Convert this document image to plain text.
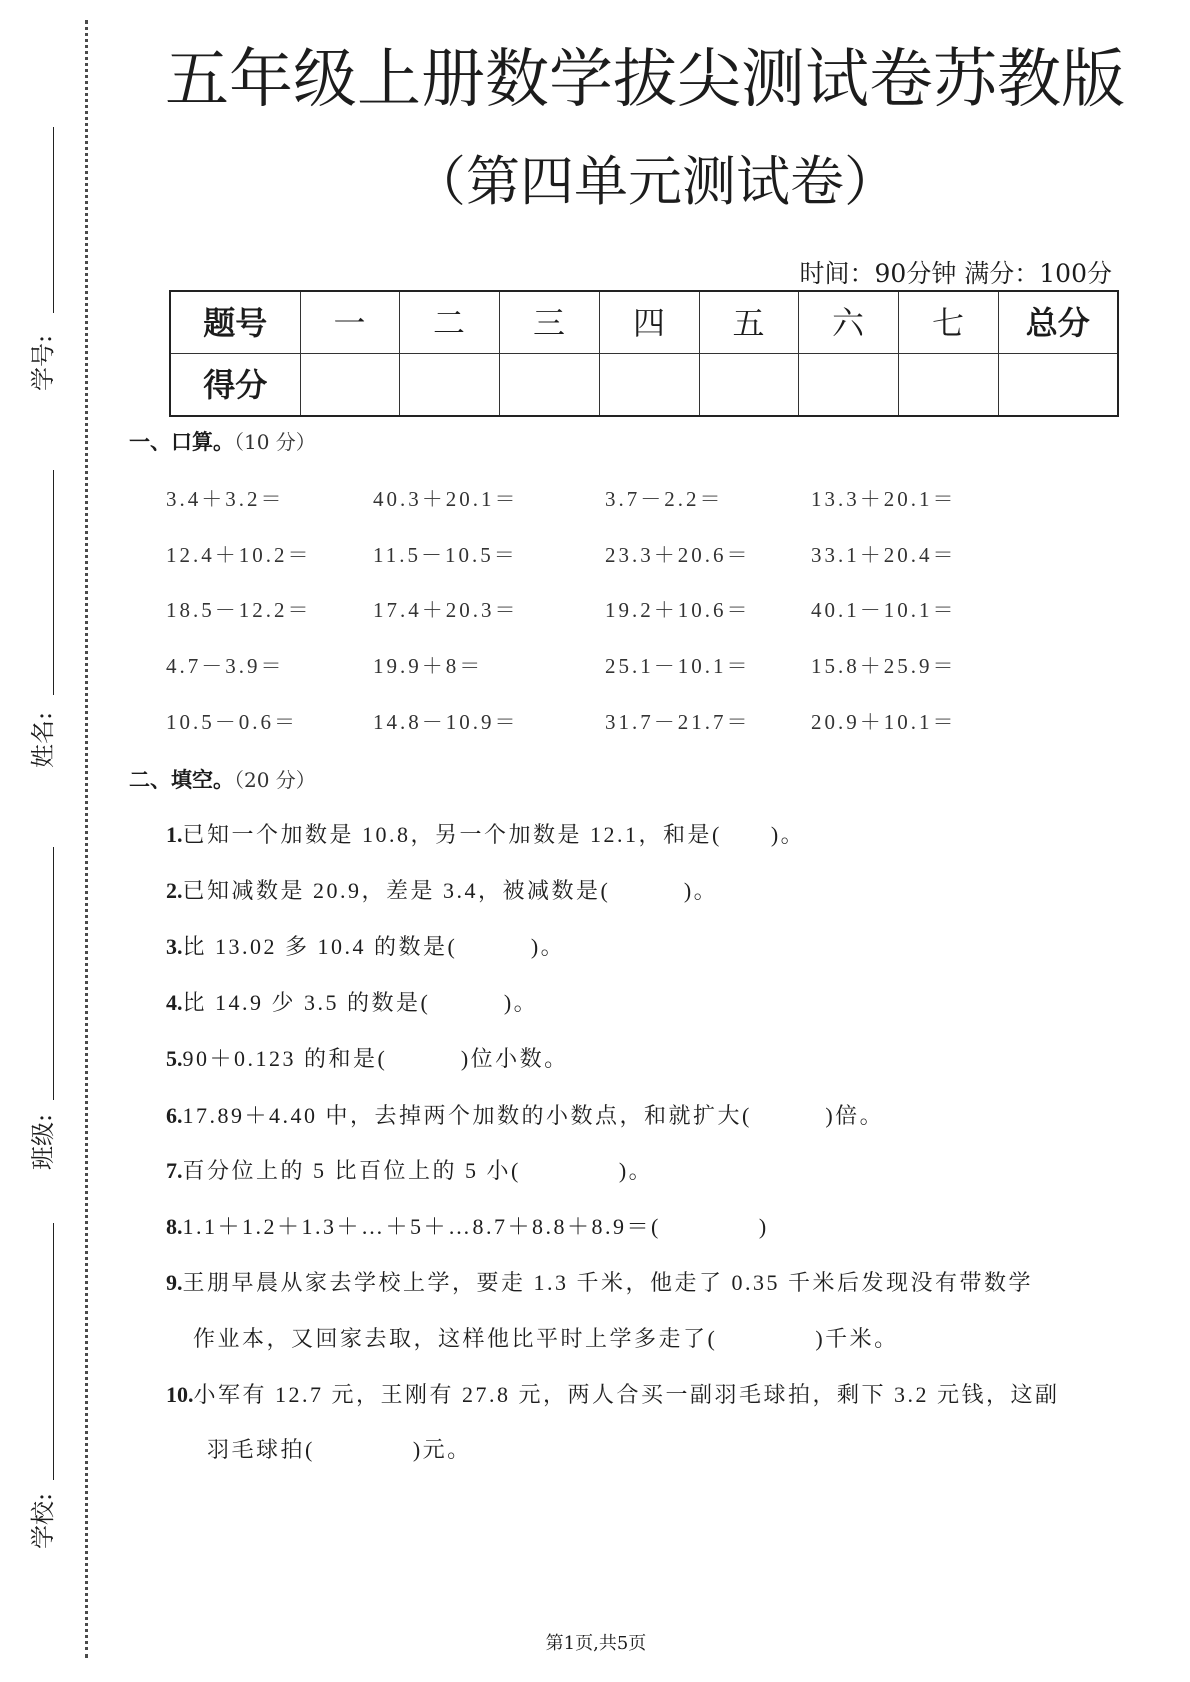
学号:
姓名:
班级:
学校:
五年级上册数学拔尖测试卷苏教版
（第四单元测试卷）
时间：90分钟 满分：100分
题号	一	二	三	四	五	六	七	总分
得分								
一、口算。（10 分）
3.4＋3.2＝	40.3＋20.1＝	3.7－2.2＝	13.3＋20.1＝
12.4＋10.2＝	11.5－10.5＝	23.3＋20.6＝	33.1＋20.4＝
18.5－12.2＝	17.4＋20.3＝	19.2＋10.6＝	40.1－10.1＝
4.7－3.9＝	19.9＋8＝	25.1－10.1＝	15.8＋25.9＝
10.5－0.6＝	14.8－10.9＝	31.7－21.7＝	20.9＋10.1＝
二、填空。（20 分）
1.已知一个加数是 10.8，另一个加数是 12.1，和是(　　)。
2.已知减数是 20.9，差是 3.4，被减数是(　　　)。
3.比 13.02 多 10.4 的数是(　　　)。
4.比 14.9 少 3.5 的数是(　　　)。
5.90＋0.123 的和是(　　　)位小数。
6.17.89＋4.40 中，去掉两个加数的小数点，和就扩大(　　　)倍。
7.百分位上的 5 比百位上的 5 小(　　　　)。
8.1.1＋1.2＋1.3＋…＋5＋…8.7＋8.8＋8.9＝(　　　　)
9.王朋早晨从家去学校上学，要走 1.3 千米，他走了 0.35 千米后发现没有带数学
作业本，又回家去取，这样他比平时上学多走了(　　　　)千米。
10.小军有 12.7 元，王刚有 27.8 元，两人合买一副羽毛球拍，剩下 3.2 元钱，这副
羽毛球拍(　　　　)元。
第1页,共5页
